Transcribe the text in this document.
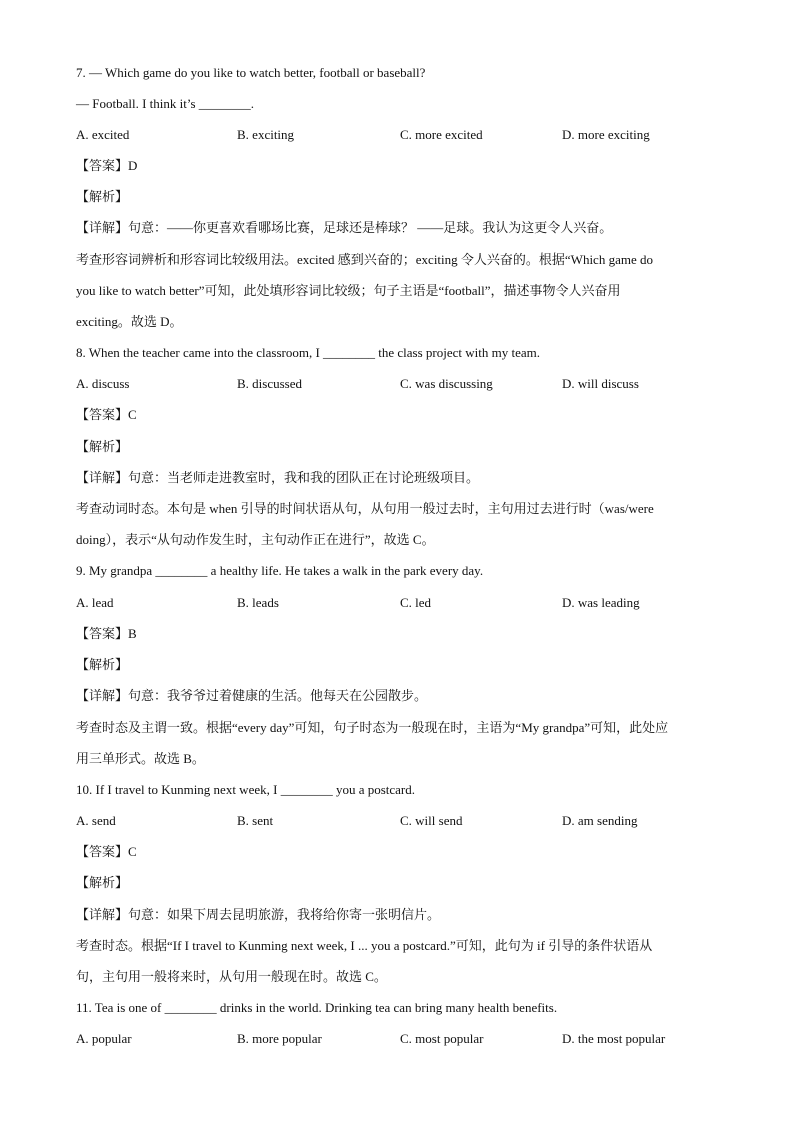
7. — Which game do you like to watch better, football or baseball?
— Football. I think it’s ________.
A. excited	B. exciting	C. more excited	D. more exciting
【答案】D
【解析】
【详解】句意：——你更喜欢看哪场比赛，足球还是棒球？ ——足球。我认为这更令人兴奋。
考查形容词辨析和形容词比较级用法。excited 感到兴奋的；exciting 令人兴奋的。根据“Which game do
you like to watch better”可知，此处填形容词比较级；句子主语是“football”，描述事物令人兴奋用
exciting。故选 D。
8. When the teacher came into the classroom, I ________ the class project with my team.
A. discuss	B. discussed	C. was discussing	D. will discuss
【答案】C
【解析】
【详解】句意：当老师走进教室时，我和我的团队正在讨论班级项目。
考查动词时态。本句是 when 引导的时间状语从句，从句用一般过去时，主句用过去进行时（was/were
doing），表示“从句动作发生时，主句动作正在进行”，故选 C。
9. My grandpa ________ a healthy life. He takes a walk in the park every day.
A. lead	B. leads	C. led	D. was leading
【答案】B
【解析】
【详解】句意：我爷爷过着健康的生活。他每天在公园散步。
考查时态及主谓一致。根据“every day”可知，句子时态为一般现在时，主语为“My grandpa”可知，此处应
用三单形式。故选 B。
10. If I travel to Kunming next week, I ________ you a postcard.
A. send	B. sent	C. will send	D. am sending
【答案】C
【解析】
【详解】句意：如果下周去昆明旅游，我将给你寄一张明信片。
考查时态。根据“If I travel to Kunming next week, I ... you a postcard.”可知，此句为 if 引导的条件状语从
句，主句用一般将来时，从句用一般现在时。故选 C。
11. Tea is one of ________ drinks in the world. Drinking tea can bring many health benefits.
A. popular	B. more popular	C. most popular	D. the most popular
